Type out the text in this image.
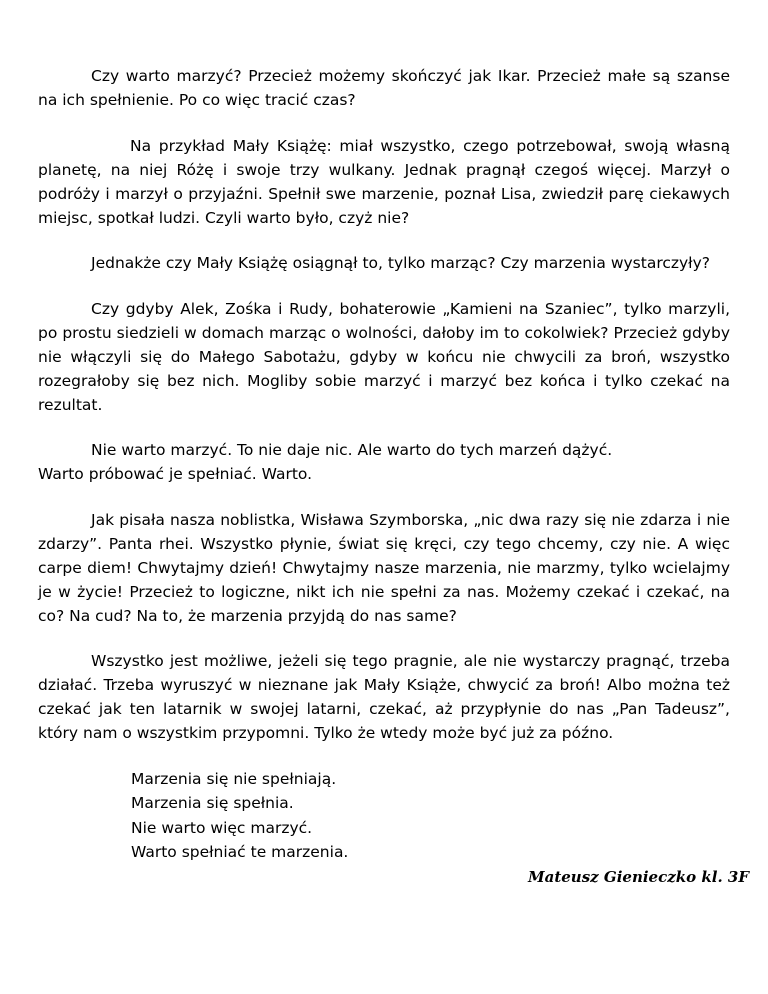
Czy warto marzyć? Przecież możemy skończyć jak Ikar. Przecież małe są szanse na ich spełnienie. Po co więc tracić czas?

Na przykład Mały Książę: miał wszystko, czego potrzebował, swoją własną planetę, na niej Różę i swoje trzy wulkany. Jednak pragnął czegoś więcej. Marzył o podróży i marzył o przyjaźni. Spełnił swe marzenie, poznał Lisa, zwiedził parę ciekawych miejsc, spotkał ludzi. Czyli warto było, czyż nie?

Jednakże czy Mały Książę osiągnął to, tylko marząc? Czy marzenia wystarczyły?

Czy gdyby Alek, Zośka i Rudy, bohaterowie „Kamieni na Szaniec”, tylko marzyli, po prostu siedzieli w domach marząc o wolności, dałoby im to cokolwiek? Przecież gdyby nie włączyli się do Małego Sabotażu, gdyby w końcu nie chwycili za broń, wszystko rozegrałoby się bez nich. Mogliby sobie marzyć i marzyć bez końca i tylko czekać na rezultat.

Nie warto marzyć. To nie daje nic. Ale warto do tych marzeń dążyć.
Warto próbować je spełniać. Warto.

Jak pisała nasza noblistka, Wisława Szymborska, „nic dwa razy się nie zdarza i nie zdarzy”. Panta rhei. Wszystko płynie, świat się kręci, czy tego chcemy, czy nie. A więc carpe diem! Chwytajmy dzień! Chwytajmy nasze marzenia, nie marzmy, tylko wcielajmy je w życie! Przecież to logiczne, nikt ich nie spełni za nas. Możemy czekać i czekać, na co? Na cud? Na to, że marzenia przyjdą do nas same?

Wszystko jest możliwe, jeżeli się tego pragnie, ale nie wystarczy pragnąć, trzeba działać. Trzeba wyruszyć w nieznane jak Mały Książe, chwycić za broń! Albo można też czekać jak ten latarnik w swojej latarni, czekać, aż przypłynie do nas „Pan Tadeusz”, który nam o wszystkim przypomni. Tylko że wtedy może być już za późno.

Marzenia się nie spełniają.
Marzenia się spełnia.
Nie warto więc marzyć.
Warto spełniać te marzenia.
Mateusz Gienieczko kl. 3F
